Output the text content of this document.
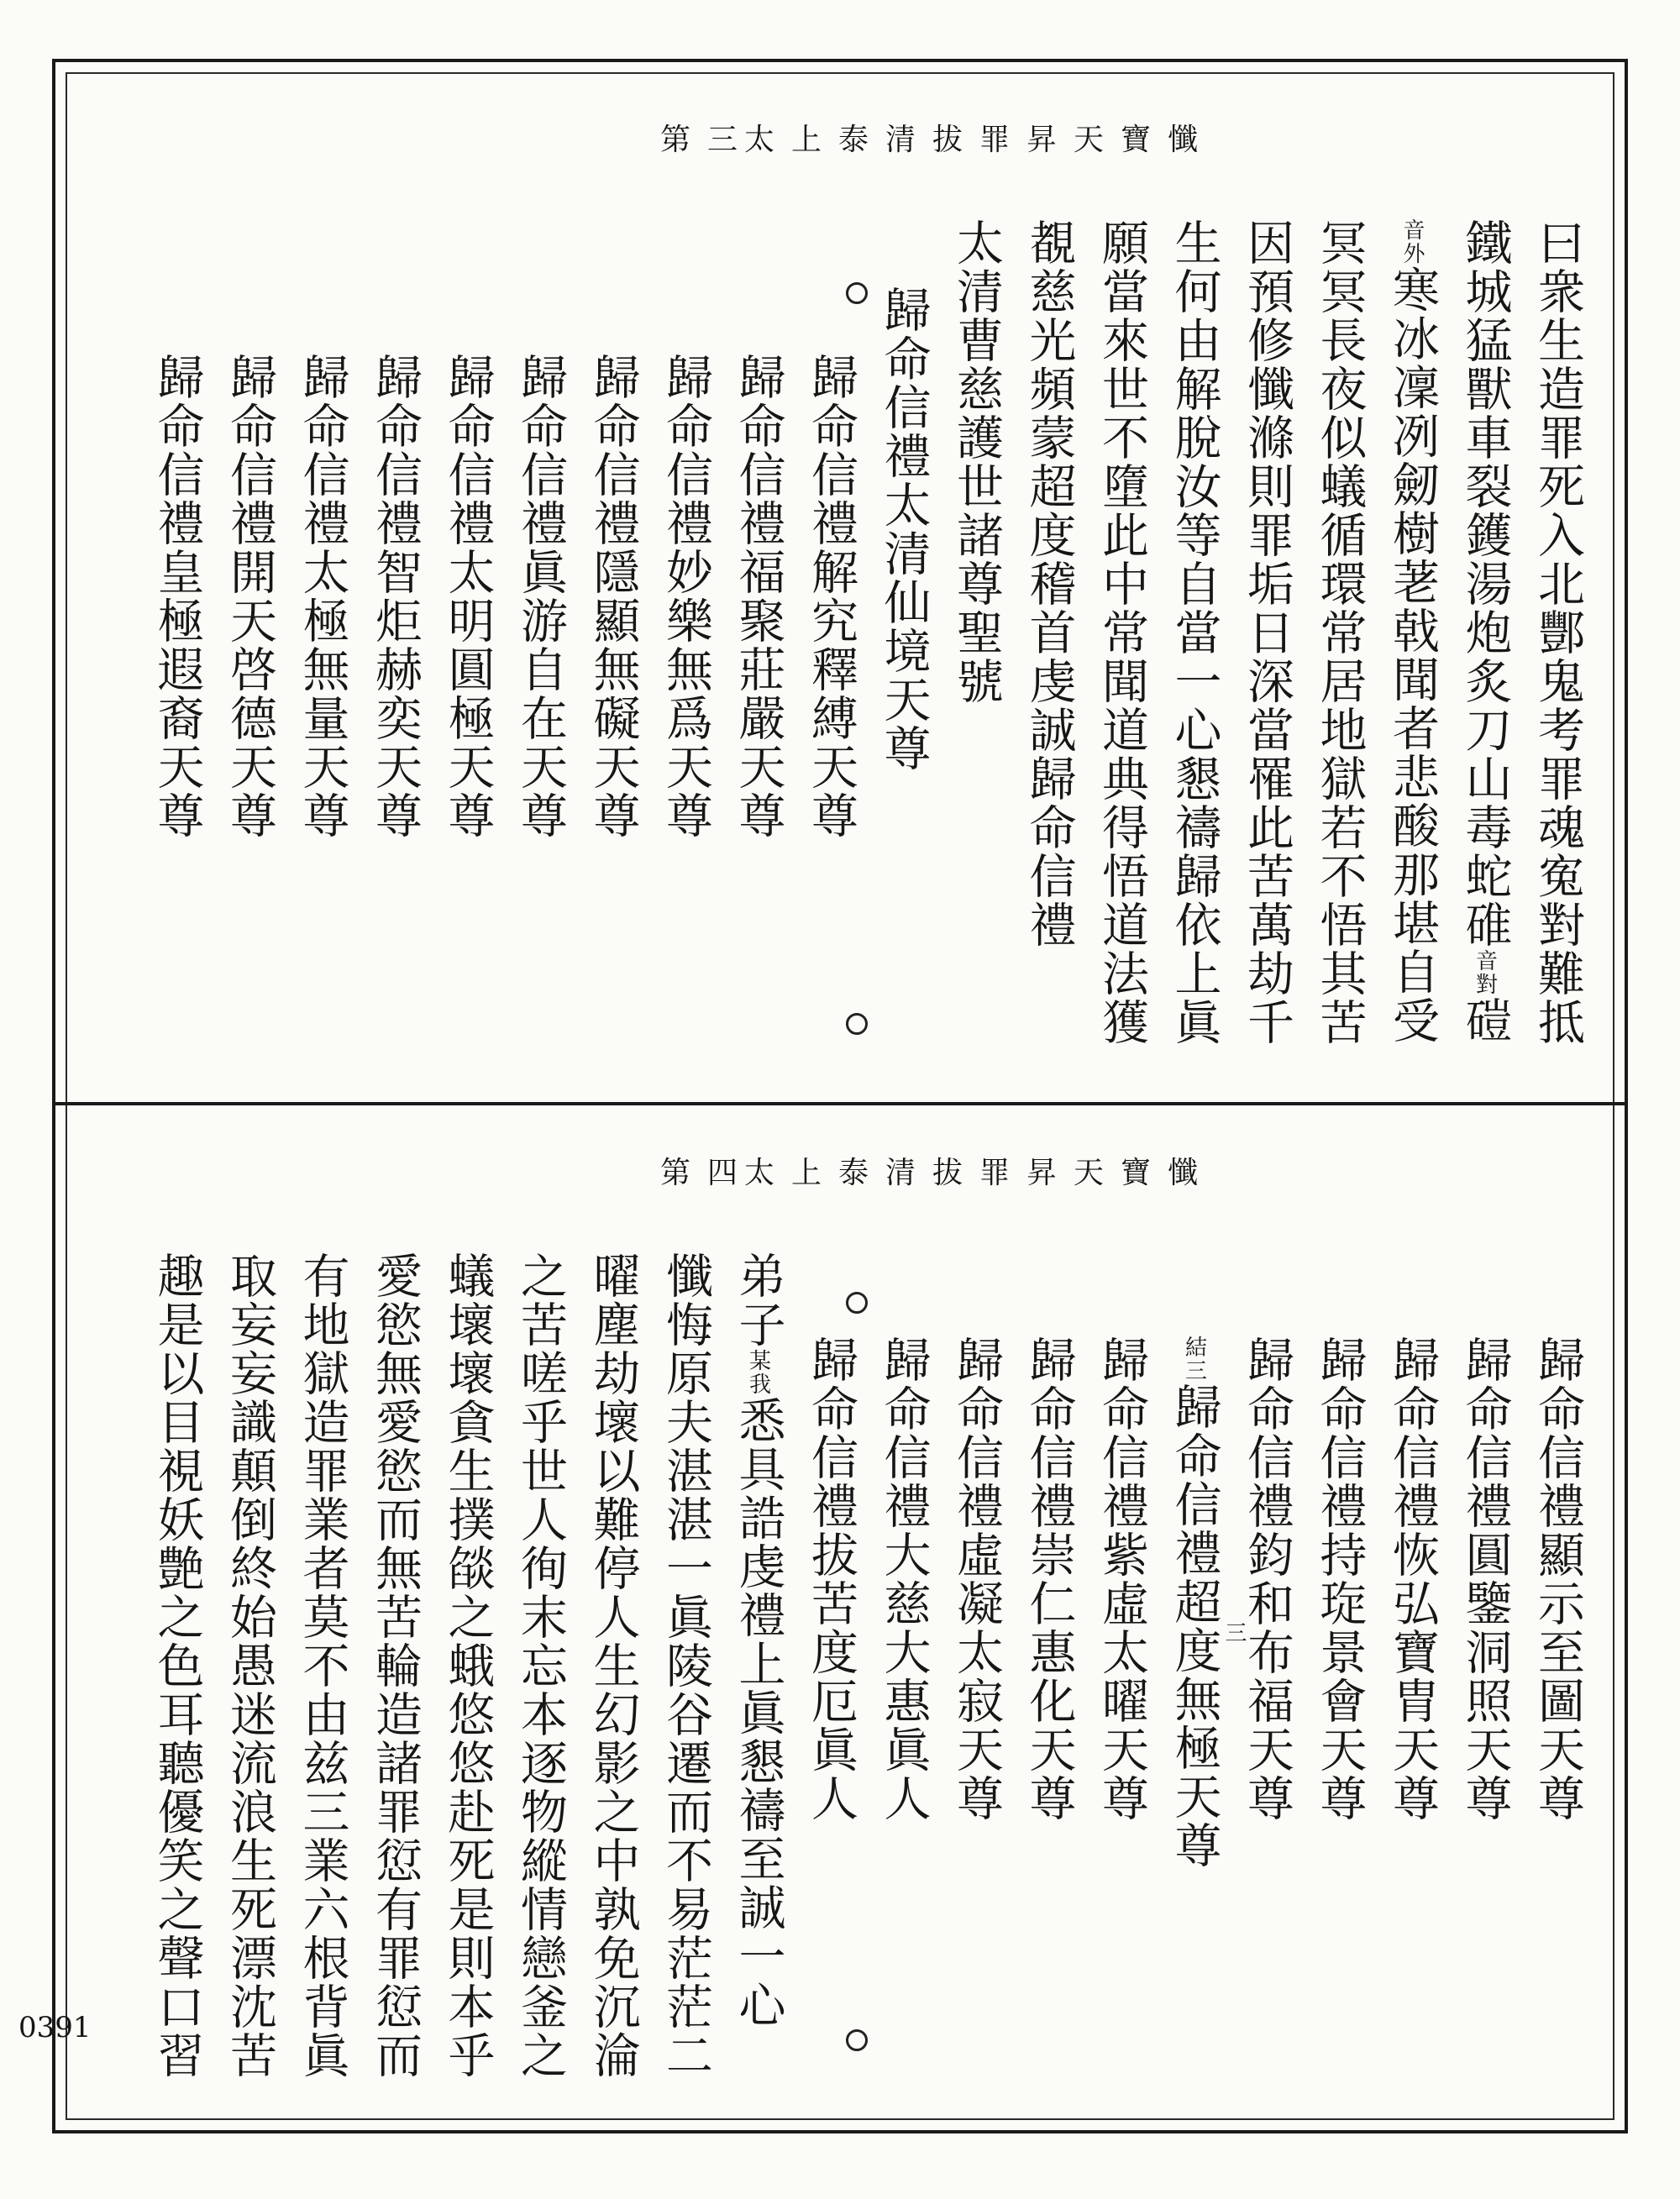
0391
太上泰清拔罪昇天寶懺
第三
曰衆生造罪死入北酆鬼考罪魂寃對難抵
鐵城猛獸車裂鑊湯炮炙刀山毒蛇碓音對磑
音外寒冰凜冽劒樹荖戟聞者悲酸那堪自受
冥冥長夜似蟻循環常居地獄若不悟其苦
因預修懺滌則罪垢日深當罹此苦萬劫千
生何由解脫汝等自當一心懇禱歸依上眞
願當來世不墮此中常聞道典得悟道法獲
覩慈光頻蒙超度稽首虔誠歸命信禮
太清曹慈護世諸尊聖號
歸命信禮太清仙境天尊
歸命信禮解究釋縛天尊
歸命信禮福聚莊嚴天尊
歸命信禮妙樂無爲天尊
歸命信禮隱顯無礙天尊
歸命信禮眞游自在天尊
歸命信禮太明圓極天尊
歸命信禮智炬赫奕天尊
歸命信禮太極無量天尊
歸命信禮開天啓德天尊
歸命信禮皇極遐裔天尊
太上泰清拔罪昇天寶懺
第四
三	歸命信禮顯示至圖天尊
歸命信禮圓鑒洞照天尊
歸命信禮恢弘寶胄天尊
歸命信禮持琁景會天尊
歸命信禮鈞和布福天尊
結三歸命信禮超度無極天尊
歸命信禮紫虛太曜天尊
歸命信禮崇仁惠化天尊
歸命信禮虛凝太寂天尊
歸命信禮大慈大惠眞人
歸命信禮拔苦度厄眞人
弟子某我悉具誥虔禮上眞懇禱至誠一心
懺悔原夫湛湛一眞陵谷遷而不易茫茫二
曜塵劫壞以難停人生幻影之中孰免沉淪
之苦嗟乎世人徇末忘本逐物縱情戀釜之
蟻壞壞貪生撲燄之蛾悠悠赴死是則本乎
愛慾無愛慾而無苦輪造諸罪愆有罪愆而
有地獄造罪業者莫不由兹三業六根背眞
取妄妄識顛倒終始愚迷流浪生死漂沈苦
趣是以目視妖艶之色耳聽優笑之聲口習
